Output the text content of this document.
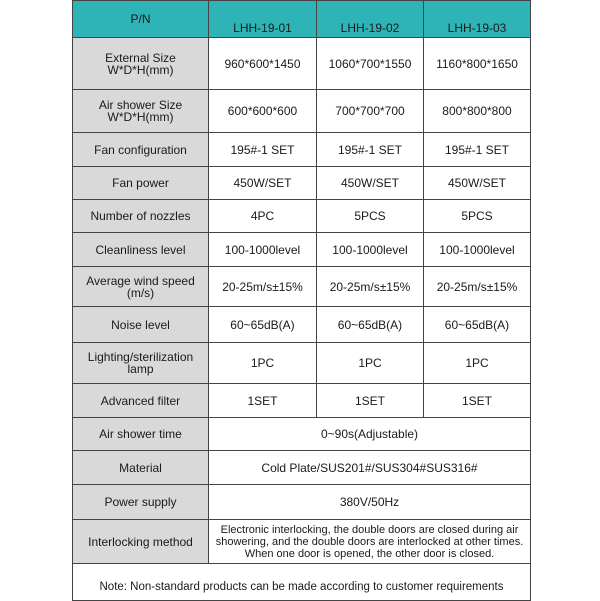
P/N	LHH-19-01	LHH-19-02	LHH-19-03

External Size
W*D*H(mm)	960*600*1450	1060*700*1550	1160*800*1650

Air shower Size
W*D*H(mm)	600*600*600	700*700*700	800*800*800
Fan configuration	195#-1 SET	195#-1 SET	195#-1 SET
Fan power	450W/SET	450W/SET	450W/SET
Number of nozzles	4PC	5PCS	5PCS
Cleanliness level	100-1000level	100-1000level	100-1000level

Average wind speed
(m/s)	20-25m/s±15%	20-25m/s±15%	20-25m/s±15%
Noise level	60~65dB(A)	60~65dB(A)	60~65dB(A)

Lighting/sterilization
lamp	1PC	1PC	1PC
Advanced filter	1SET	1SET	1SET
Air shower time	0~90s(Adjustable)		
Material	Cold Plate/SUS201#/SUS304#SUS316#		
Power supply	380V/50Hz		
Interlocking method	Electronic interlocking, the double doors are closed during air showering, and the double doors are interlocked at other times. When one door is opened, the other door is closed.		
Note: Non-standard products can be made according to customer requirements			
